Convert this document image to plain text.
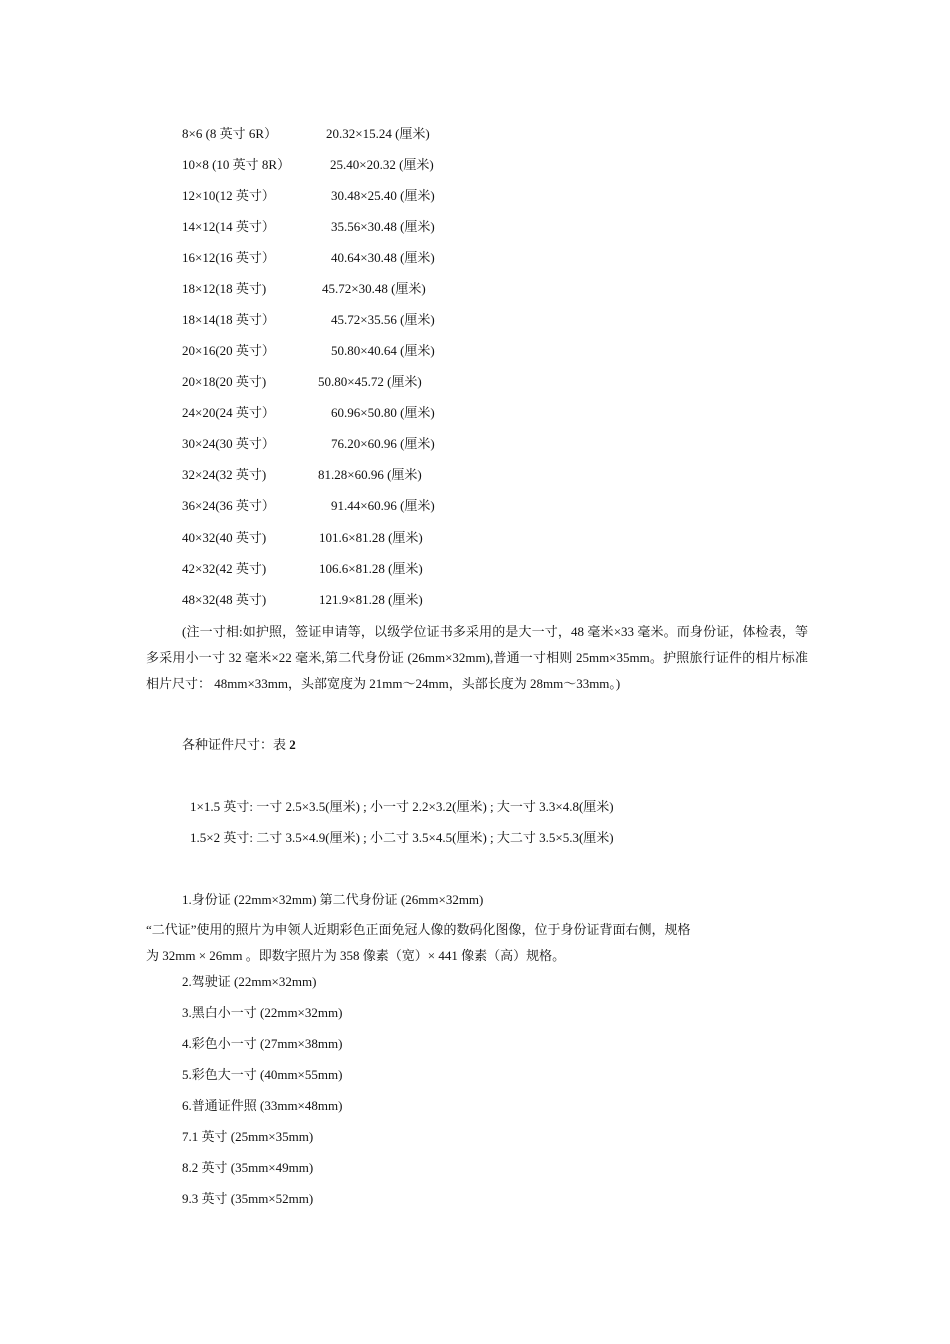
8×6 (8 英寸 6R）	20.32×15.24 (厘米)
10×8 (10 英寸 8R）	25.40×20.32 (厘米)
12×10(12 英寸）	30.48×25.40 (厘米)
14×12(14 英寸）	35.56×30.48 (厘米)
16×12(16 英寸）	40.64×30.48 (厘米)
18×12(18 英寸)	45.72×30.48 (厘米)
18×14(18 英寸）	45.72×35.56 (厘米)
20×16(20 英寸）	50.80×40.64 (厘米)
20×18(20 英寸)	50.80×45.72 (厘米)
24×20(24 英寸）	60.96×50.80 (厘米)
30×24(30 英寸）	76.20×60.96 (厘米)
32×24(32 英寸)	81.28×60.96 (厘米)
36×24(36 英寸）	91.44×60.96 (厘米)
40×32(40 英寸)	101.6×81.28 (厘米)
42×32(42 英寸)	106.6×81.28 (厘米)
48×32(48 英寸)	121.9×81.28 (厘米)
(注一寸相:如护照，签证申请等，以级学位证书多采用的是大一寸，48 毫米×33 毫米。而身份证，体检表，等多采用小一寸 32 毫米×22 毫米,第二代身份证 (26mm×32mm),普通一寸相则 25mm×35mm。护照旅行证件的相片标准相片尺寸： 48mm×33mm，头部宽度为 21mm～24mm，头部长度为 28mm～33mm。)
各种证件尺寸：表 2
1×1.5 英寸: 一寸 2.5×3.5(厘米) ; 小一寸 2.2×3.2(厘米) ; 大一寸 3.3×4.8(厘米)
1.5×2 英寸: 二寸 3.5×4.9(厘米) ; 小二寸 3.5×4.5(厘米) ; 大二寸 3.5×5.3(厘米)
1.身份证 (22mm×32mm) 第二代身份证 (26mm×32mm)
“二代证”使用的照片为申领人近期彩色正面免冠人像的数码化图像，位于身份证背面右侧，规格
为 32mm × 26mm 。即数字照片为 358 像素（宽）× 441 像素（高）规格。
2.驾驶证 (22mm×32mm)
3.黑白小一寸 (22mm×32mm)
4.彩色小一寸 (27mm×38mm)
5.彩色大一寸 (40mm×55mm)
6.普通证件照 (33mm×48mm)
7.1 英寸 (25mm×35mm)
8.2 英寸 (35mm×49mm)
9.3 英寸 (35mm×52mm)
